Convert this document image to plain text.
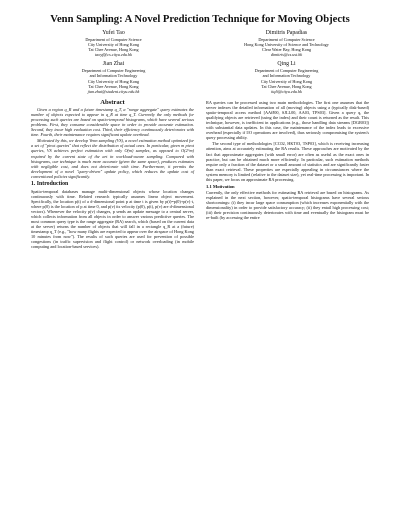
Venn Sampling: A Novel Prediction Technique for Moving Objects
Yufei Tao
Department of Computer Science
City University of Hong Kong
Tat Chee Avenue, Hong Kong
taoyf@cs.cityu.edu.hk
Dimitris Papadias
Department of Computer Science
Hong Kong University of Science and Technology
Clear Water Bay, Hong Kong
dimitris@cs.ust.hk
Jian Zhai
Department of Computer Engineering
and Information Technology
City University of Hong Kong
Tat Chee Avenue, Hong Kong
jian.zhai@student.cityu.edu.hk
Qing Li
Department of Computer Engineering
and Information Technology
City University of Hong Kong
Tat Chee Avenue, Hong Kong
itqli@cityu.edu.hk
Abstract

Given a region q_R and a future timestamp q_T, a "range aggregate" query estimates the number of objects expected to appear in q_R at time q_T. Currently the only methods for processing such queries are based on spatio-temporal histograms, which have several serious problems. First, they consume considerable space in order to provide accurate estimation. Second, they incur high evaluation cost. Third, their efficiency continuously deteriorates with time. Fourth, their maintenance requires significant update overhead.

Motivated by this, we develop Venn sampling (VS), a novel estimation method optimized for a set of "pivot queries" that reflect the distribution of actual ones. In particular, given m pivot queries, VS achieves perfect estimation with only O(m) samples, as opposed to O(2^m) required by the current state of the art in workload-aware sampling. Compared with histograms, our technique is much more accurate (given the same space), produces estimates with negligible cost, and does not deteriorate with time. Furthermore, it permits the development of a novel "query-driven" update policy, which reduces the update cost of conventional policies significantly.

1. Introduction

Spatio-temporal databases manage multi-dimensional objects whose location changes continuously with time. Related research typically assumes linear object movement. Specifically, the location p(t) of a d-dimensional point p at time t is given by p(t)=p(0)+p(v)·t, where p(0) is the location of p at time 0, and p(v) its velocity (p(0), p(t), p(v) are d-dimensional vectors). Whenever the velocity p(v) changes, p sends an update message to a central server, which collects information from all objects in order to answer various predictive queries. The most common query type is the range aggregate (RA) search, which (based on the current data at the server) returns the number of objects that will fall in a rectangle q_R at a (future) timestamp q_T (e.g., "how many flights are expected to appear over the airspace of Hong Kong 10 minutes from now"). The results of such queries are used for prevention of possible congestions (in traffic supervision and flight control) or network overloading (in mobile computing and location-based services).

RA queries can be processed using two main methodologies. The first one assumes that the server indexes the detailed information of all (moving) objects using a (typically disk-based) spatio-temporal access method [AAØ00, SJLL00, AA03, TPS03]. Given a query q, the qualifying objects are retrieved (using the index) and their count is returned as the result. This technique, however, is inefficient in applications (e.g., those handling data streams [DGR03]) with substantial data updates. In this case, the maintenance of the index leads to excessive overhead (especially if I/O operations are involved), thus seriously compromising the system's query processing ability.

The second type of methodologies [CC02, HKT03, TSP03], which is receiving increasing attention, aims at accurately estimating the RA results. These approaches are motivated by the fact that approximate aggregates (with small error) are often as useful as the exact ones in practice, but can be obtained much more efficiently. In particular, such estimation methods require only a fraction of the dataset or a small amount of statistics and are significantly faster than exact retrieval. These properties are especially appealing in circumstances where the system memory is limited (relative to the dataset size), yet real-time processing is important. In this paper, we focus on approximate RA processing.

1.1 Motivation

Currently, the only effective methods for estimating RA retrieval are based on histograms. As explained in the next section, however, spatio-temporal histograms have several serious shortcomings: (i) they incur large space consumption (which increases exponentially with the dimensionality) in order to provide satisfactory accuracy; (ii) they entail high processing cost; (iii) their precision continuously deteriorates with time and eventually the histogram must be re-built (by accessing the entire
